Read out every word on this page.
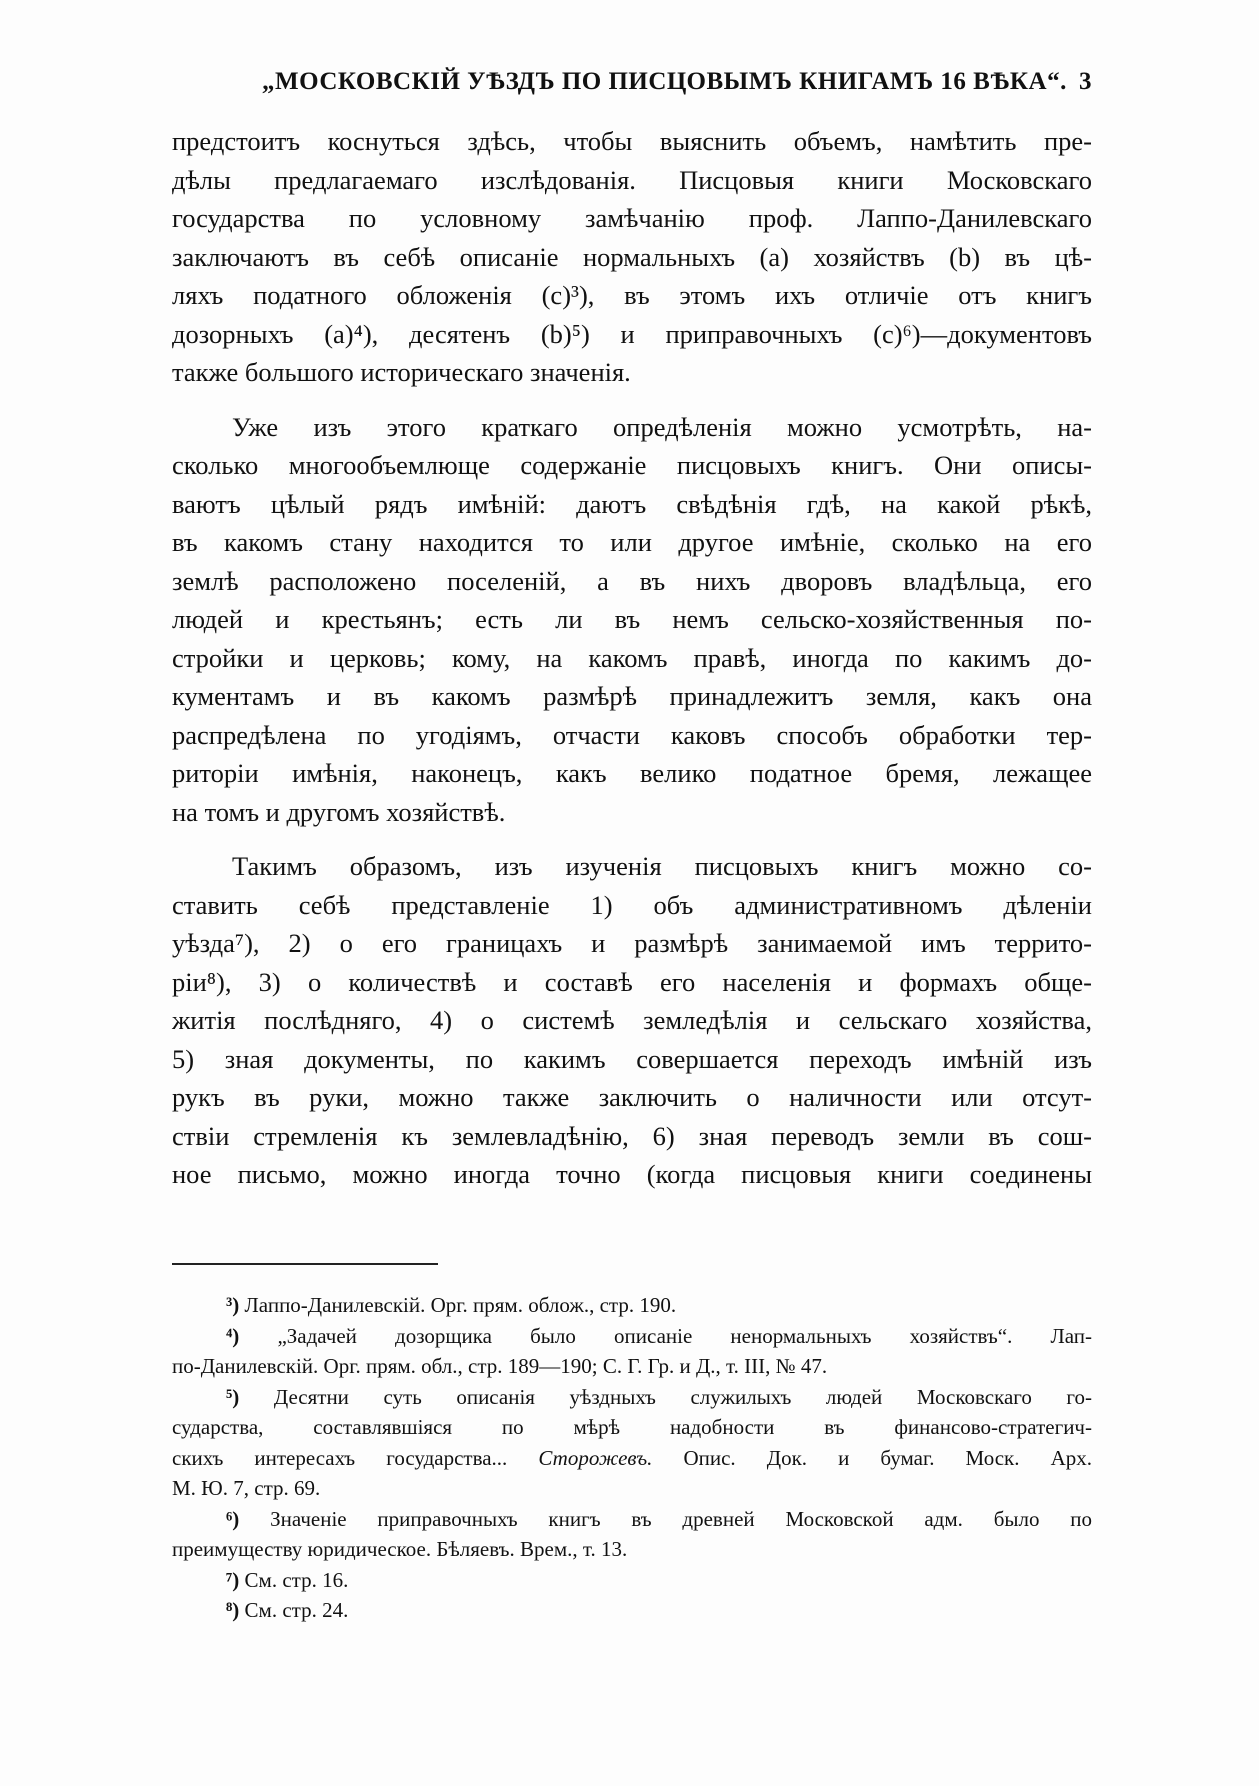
„МОСКОВСКІЙ УѢЗДЪ ПО ПИСЦОВЫМЪ КНИГАМЪ 16 ВѢКА“. 3
предстоитъ коснуться здѣсь, чтобы выяснить объемъ, намѣтить пре-
дѣлы предлагаемаго изслѣдованія. Писцовыя книги Московскаго
государства по условному замѣчанію проф. Лаппо-Данилевскаго
заключаютъ въ себѣ описаніе нормальныхъ (a) хозяйствъ (b) въ цѣ-
ляхъ податного обложенія (c)³), въ этомъ ихъ отличіе отъ книгъ
дозорныхъ (a)⁴), десятенъ (b)⁵) и приправочныхъ (c)⁶)—документовъ
также большого историческаго значенія.
Уже изъ этого краткаго опредѣленія можно усмотрѣть, на-
сколько многообъемлюще содержаніе писцовыхъ книгъ. Они описы-
ваютъ цѣлый рядъ имѣній: даютъ свѣдѣнія гдѣ, на какой рѣкѣ,
въ какомъ стану находится то или другое имѣніе, сколько на его
землѣ расположено поселеній, а въ нихъ дворовъ владѣльца, его
людей и крестьянъ; есть ли въ немъ сельско-хозяйственныя по-
стройки и церковь; кому, на какомъ правѣ, иногда по какимъ до-
кументамъ и въ какомъ размѣрѣ принадлежитъ земля, какъ она
распредѣлена по угодіямъ, отчасти каковъ способъ обработки тер-
риторіи имѣнія, наконецъ, какъ велико податное бремя, лежащее
на томъ и другомъ хозяйствѣ.
Такимъ образомъ, изъ изученія писцовыхъ книгъ можно со-
ставить себѣ представленіе 1) объ административномъ дѣленіи
уѣзда⁷), 2) о его границахъ и размѣрѣ занимаемой имъ террито-
ріи⁸), 3) о количествѣ и составѣ его населенія и формахъ обще-
житія послѣдняго, 4) о системѣ земледѣлія и сельскаго хозяйства,
5) зная документы, по какимъ совершается переходъ имѣній изъ
рукъ въ руки, можно также заключить о наличности или отсут-
ствіи стремленія къ землевладѣнію, 6) зная переводъ земли въ сош-
ное письмо, можно иногда точно (когда писцовыя книги соединены
³) Лаппо-Данилевскій. Орг. прям. облож., стр. 190.
⁴) „Задачей дозорщика было описаніе ненормальныхъ хозяйствъ“. Лап-
по-Данилевскій. Орг. прям. обл., стр. 189—190; С. Г. Гр. и Д., т. III, № 47.
⁵) Десятни суть описанія уѣздныхъ служилыхъ людей Московскаго го-
сударства, составлявшіяся по мѣрѣ надобности въ финансово-стратегич-
скихъ интересахъ государства... Сторожевъ. Опис. Док. и бумаг. Моск. Арх.
М. Ю. 7, стр. 69.
⁶) Значеніе приправочныхъ книгъ въ древней Московской адм. было по
преимуществу юридическое. Бѣляевъ. Врем., т. 13.
⁷) См. стр. 16.
⁸) См. стр. 24.
